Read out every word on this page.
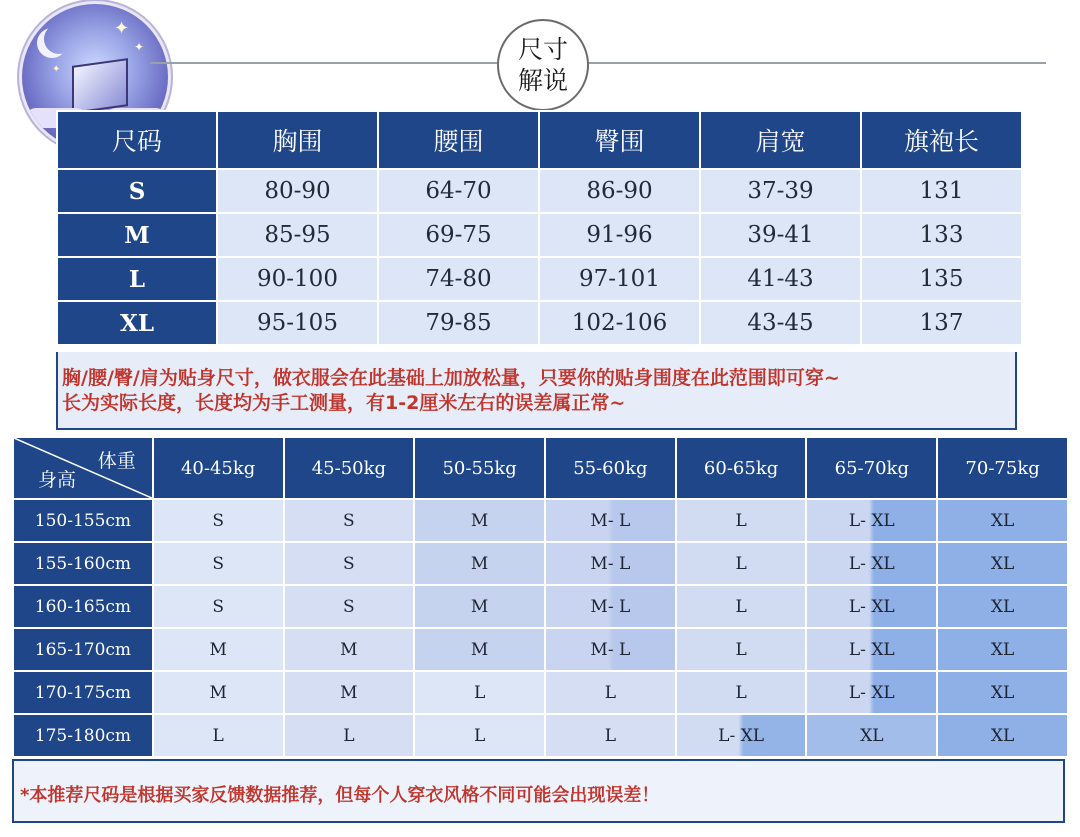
✦
✦
✦
尺寸
解说
尺码	胸围	腰围	臀围	肩宽	旗袍长
S	80-90	64-70	86-90	37-39	131
M	85-95	69-75	91-96	39-41	133
L	90-100	74-80	97-101	41-43	135
XL	95-105	79-85	102-106	43-45	137
胸/腰/臀/肩为贴身尺寸，做衣服会在此基础上加放松量，只要你的贴身围度在此范围即可穿~
长为实际长度，长度均为手工测量，有1-2厘米左右的误差属正常~
体重
身高	40-45kg	45-50kg	50-55kg	55-60kg	60-65kg	65-70kg	70-75kg
150-155cm	S	S	M	M- L	L	L- XL	XL
155-160cm	S	S	M	M- L	L	L- XL	XL
160-165cm	S	S	M	M- L	L	L- XL	XL
165-170cm	M	M	M	M- L	L	L- XL	XL
170-175cm	M	M	L	L	L	L- XL	XL
175-180cm	L	L	L	L	L- XL	XL	XL
*本推荐尺码是根据买家反馈数据推荐，但每个人穿衣风格不同可能会出现误差！
